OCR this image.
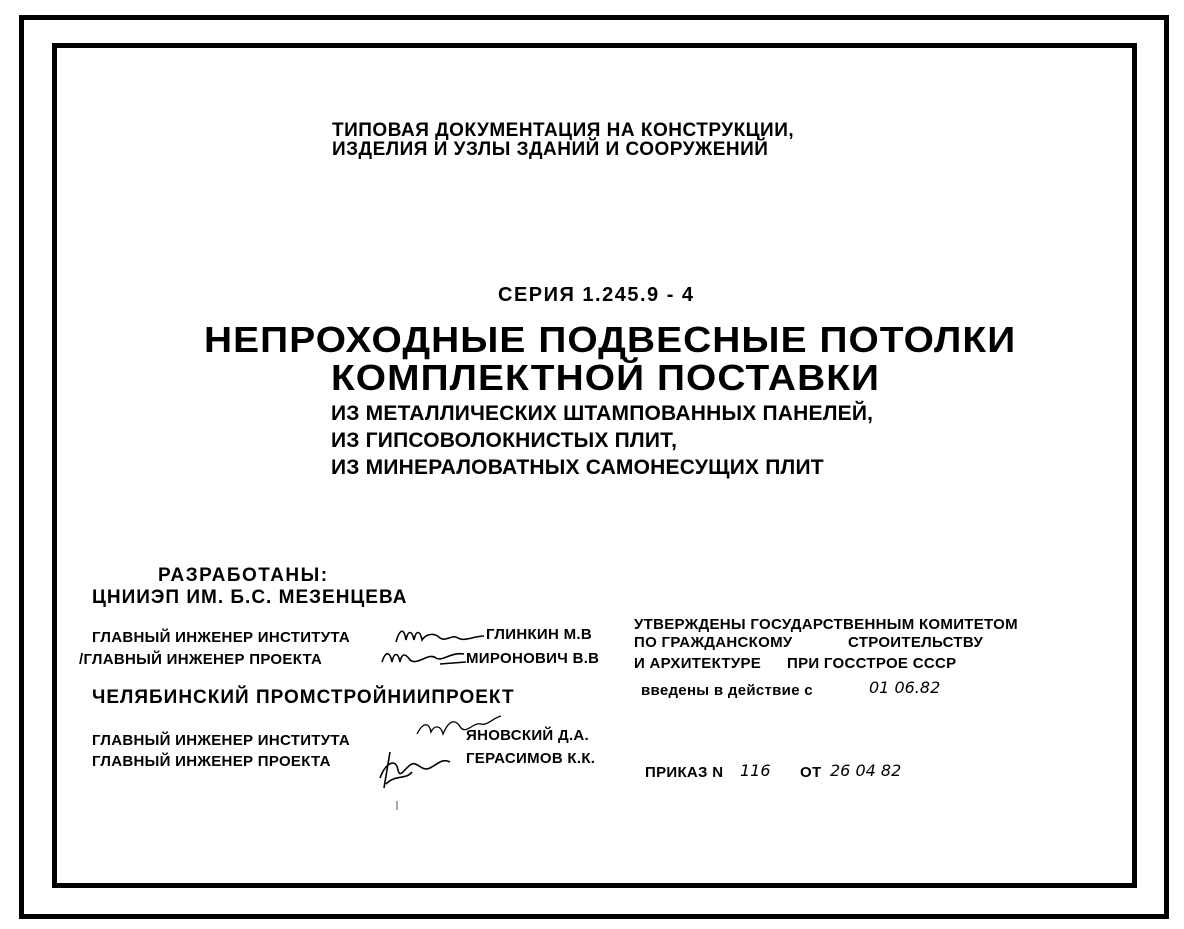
ТИПОВАЯ ДОКУМЕНТАЦИЯ НА КОНСТРУКЦИИ,
ИЗДЕЛИЯ И УЗЛЫ ЗДАНИЙ И СООРУЖЕНИЙ
СЕРИЯ 1.245.9 - 4
НЕПРОХОДНЫЕ ПОДВЕСНЫЕ ПОТОЛКИ
КОМПЛЕКТНОЙ ПОСТАВКИ
ИЗ МЕТАЛЛИЧЕСКИХ ШТАМПОВАННЫХ ПАНЕЛЕЙ,
ИЗ ГИПСОВОЛОКНИСТЫХ ПЛИТ,
ИЗ МИНЕРАЛОВАТНЫХ САМОНЕСУЩИХ ПЛИТ
РАЗРАБОТАНЫ:
ЦНИИЭП ИМ. Б.С. МЕЗЕНЦЕВА
ГЛАВНЫЙ ИНЖЕНЕР ИНСТИТУТА	ГЛИНКИН М.В
/ГЛАВНЫЙ ИНЖЕНЕР ПРОЕКТА	МИРОНОВИЧ В.В
ЧЕЛЯБИНСКИЙ ПРОМСТРОЙНИИПРОЕКТ
ГЛАВНЫЙ ИНЖЕНЕР ИНСТИТУТА	ЯНОВСКИЙ Д.А.
ГЛАВНЫЙ ИНЖЕНЕР ПРОЕКТА	ГЕРАСИМОВ К.К.
УТВЕРЖДЕНЫ ГОСУДАРСТВЕННЫМ КОМИТЕТОМ
ПО ГРАЖДАНСКОМУ	СТРОИТЕЛЬСТВУ
И АРХИТЕКТУРЕ ПРИ ГОССТРОЕ СССР
введены в действие с	01 06.82
ПРИКАЗ N 116 ОТ 26 04 82
